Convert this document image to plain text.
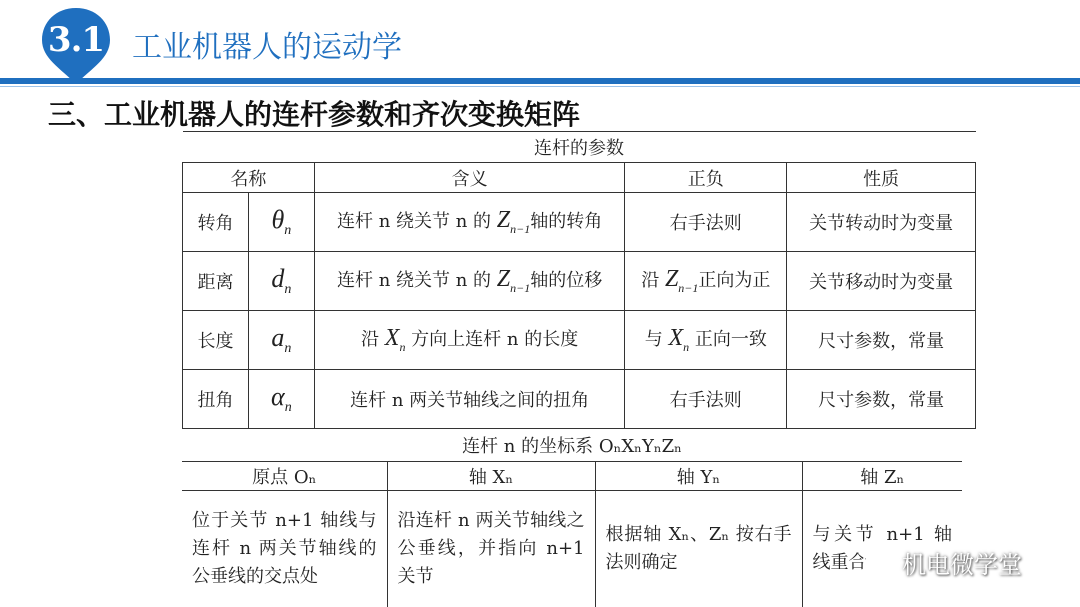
3.1 工业机器人的运动学
三、工业机器人的连杆参数和齐次变换矩阵
连杆的参数				
名称		含义	正负	性质
转角	$\theta_n$	连杆 n 绕关节 n 的 $Z_{n-1}$轴的转角	右手法则	关节转动时为变量
距离	$d_n$	连杆 n 绕关节 n 的 $Z_{n-1}$轴的位移	沿 $Z_{n-1}$正向为正	关节移动时为变量
长度	$a_n$	沿 $X_n$ 方向上连杆 n 的长度	与 $X_n$ 正向一致	尺寸参数，常量
扭角	$\alpha_n$	连杆 n 两关节轴线之间的扭角	右手法则	尺寸参数，常量
连杆 n 的坐标系 OₙXₙYₙZₙ
原点 Oₙ	轴 Xₙ	轴 Yₙ	轴 Zₙ

位于关节 n+1 轴线与连杆 n 两关节轴线的公垂线的交点处	沿连杆 n 两关节轴线之公垂线，并指向 n+1 关节	根据轴 Xₙ、Zₙ 按右手法则确定	与关节 n+1 轴线重合	机电微学堂
